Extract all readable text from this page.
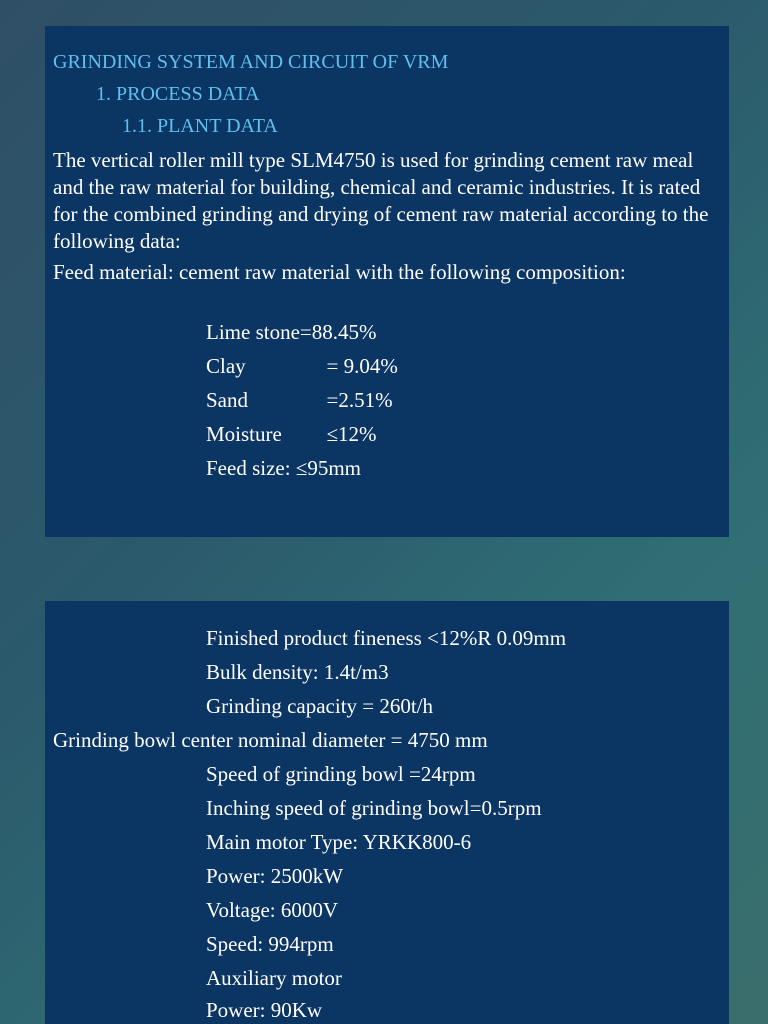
GRINDING SYSTEM AND CIRCUIT OF VRM
1. PROCESS DATA
1.1. PLANT DATA
The vertical roller mill type SLM4750 is used for grinding cement raw meal and the raw material for building, chemical and ceramic industries. It is rated for the combined grinding and drying of cement raw material according to the following data:
Feed material: cement raw material with the following composition:
Lime stone=88.45%
Clay	= 9.04%
Sand	=2.51%
Moisture  ≤12%
Feed size: ≤95mm
Finished product fineness <12%R 0.09mm
Bulk density: 1.4t/m3
Grinding capacity = 260t/h
Grinding bowl center nominal diameter = 4750 mm
Speed of grinding bowl =24rpm
Inching speed of grinding bowl=0.5rpm
Main motor Type: YRKK800-6
Power: 2500kW
Voltage: 6000V
Speed: 994rpm
Auxiliary motor
Power: 90Kw
